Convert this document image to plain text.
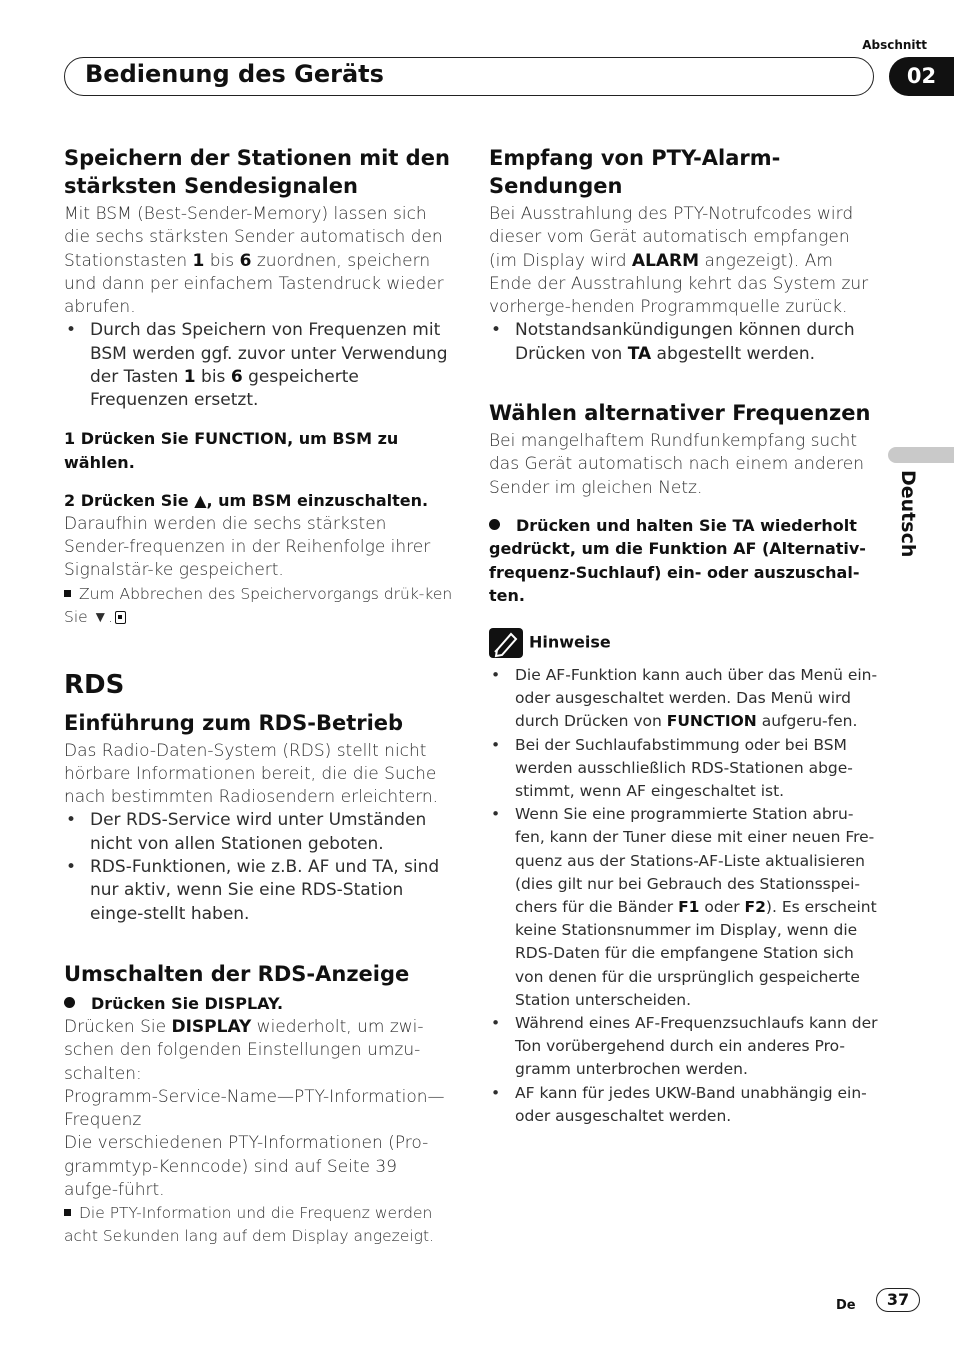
Abschnitt
Bedienung des Geräts	02
Deutsch
Speichern der Stationen mit den stärksten Sendesignalen

Mit BSM (Best-Sender-Memory) lassen sich die sechs stärksten Sender automatisch den Stationstasten 1 bis 6 zuordnen, speichern und dann per einfachem Tastendruck wieder abrufen.

• Durch das Speichern von Frequenzen mit BSM werden ggf. zuvor unter Verwendung der Tasten 1 bis 6 gespeicherte Frequenzen ersetzt.

1 Drücken Sie FUNCTION, um BSM zu wählen.

2 Drücken Sie ▲, um BSM einzuschalten.

Daraufhin werden die sechs stärksten Sender-frequenzen in der Reihenfolge ihrer Signalstär-ke gespeichert.

Zum Abbrechen des Speichervorgangs drük-ken Sie ▼.

RDS
Einführung zum RDS-Betrieb

Das Radio-Daten-System (RDS) stellt nicht hörbare Informationen bereit, die die Suche nach bestimmten Radiosendern erleichtern.

• Der RDS-Service wird unter Umständen nicht von allen Stationen geboten.
• RDS-Funktionen, wie z.B. AF und TA, sind nur aktiv, wenn Sie eine RDS-Station einge-stellt haben.
Umschalten der RDS-Anzeige

Drücken Sie DISPLAY.

Drücken Sie DISPLAY wiederholt, um zwi-schen den folgenden Einstellungen umzu-schalten:

Programm-Service-Name—PTY-Information—Frequenz

Die verschiedenen PTY-Informationen (Pro-grammtyp-Kenncode) sind auf Seite 39 aufge-führt.

Die PTY-Information und die Frequenz werden acht Sekunden lang auf dem Display angezeigt.

Empfang von PTY-Alarm-Sendungen

Bei Ausstrahlung des PTY-Notrufcodes wird dieser vom Gerät automatisch empfangen (im Display wird ALARM angezeigt). Am Ende der Ausstrahlung kehrt das System zur vorherge-henden Programmquelle zurück.

• Notstandsankündigungen können durch Drücken von TA abgestellt werden.
Wählen alternativer Frequenzen

Bei mangelhaftem Rundfunkempfang sucht das Gerät automatisch nach einem anderen Sender im gleichen Netz.

Drücken und halten Sie TA wiederholt gedrückt, um die Funktion AF (Alternativ-frequenz-Suchlauf) ein- oder auszuschal-ten.

Hinweise
• Die AF-Funktion kann auch über das Menü ein- oder ausgeschaltet werden. Das Menü wird durch Drücken von FUNCTION aufgeru-fen.
• Bei der Suchlaufabstimmung oder bei BSM werden ausschließlich RDS-Stationen abge-stimmt, wenn AF eingeschaltet ist.
• Wenn Sie eine programmierte Station abru-fen, kann der Tuner diese mit einer neuen Fre-quenz aus der Stations-AF-Liste aktualisieren (dies gilt nur bei Gebrauch des Stationsspei-chers für die Bänder F1 oder F2). Es erscheint keine Stationsnummer im Display, wenn die RDS-Daten für die empfangene Station sich von denen für die ursprünglich gespeicherte Station unterscheiden.
• Während eines AF-Frequenzsuchlaufs kann der Ton vorübergehend durch ein anderes Pro-gramm unterbrochen werden.
• AF kann für jedes UKW-Band unabhängig ein- oder ausgeschaltet werden.
De	37
